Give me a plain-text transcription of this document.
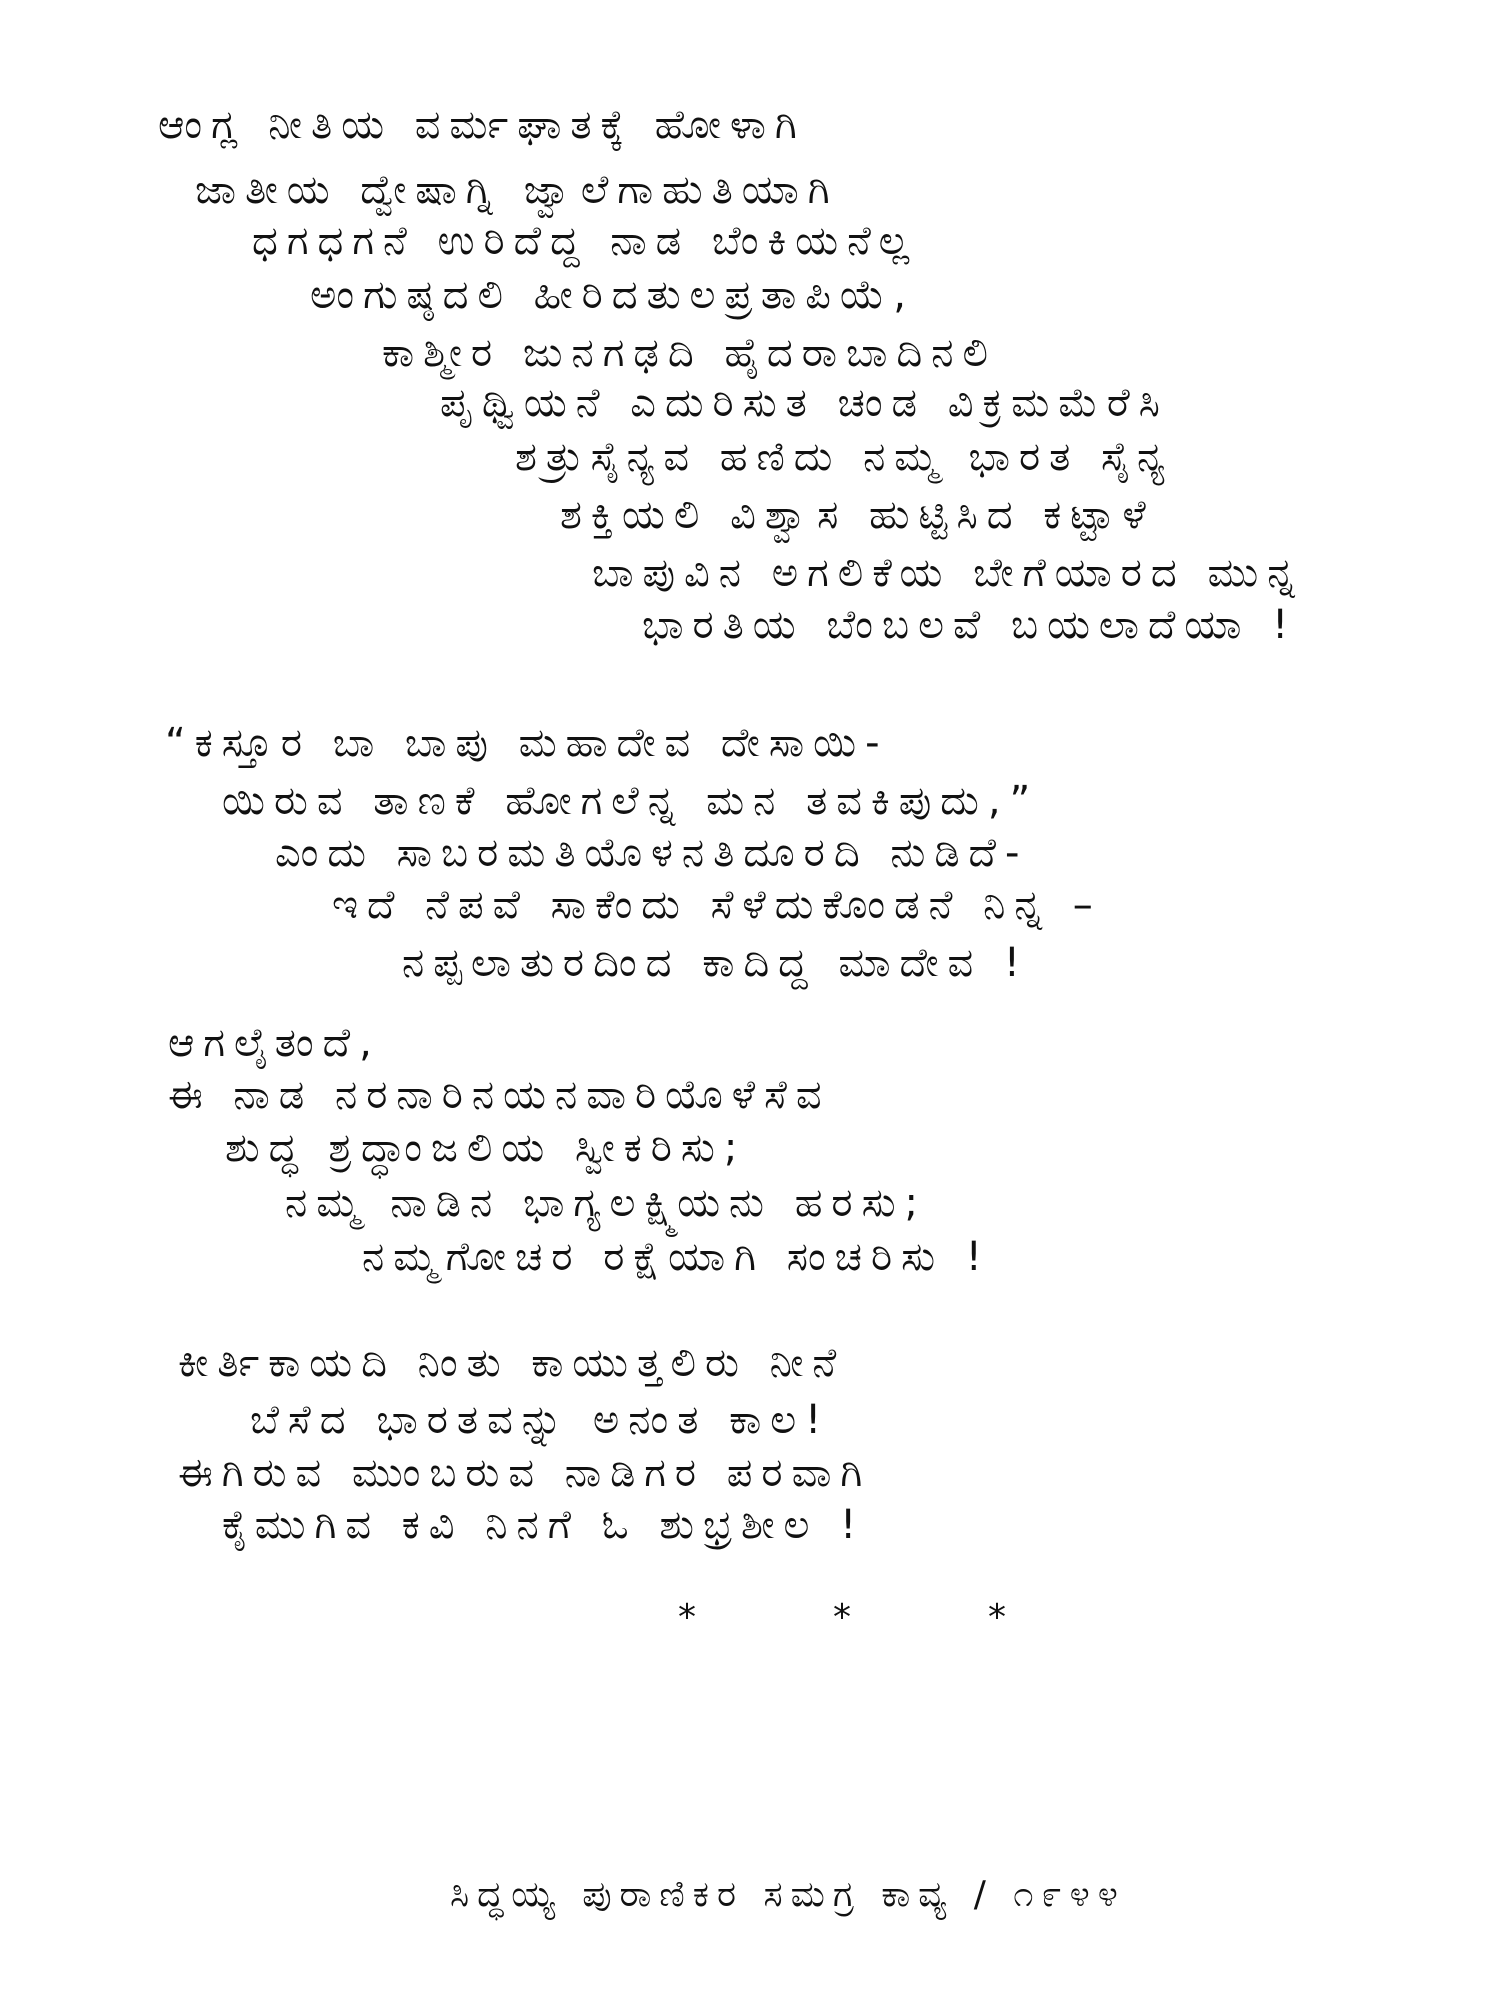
ಆಂಗ್ಲ ನೀತಿಯ ವರ್ಮಘಾತಕ್ಕೆ ಹೋಳಾಗಿ
ಜಾತೀಯ ದ್ವೇಷಾಗ್ನಿ ಜ್ವಾಲೆಗಾಹುತಿಯಾಗಿ
ಧಗಧಗನೆ ಉರಿದೆದ್ದ ನಾಡ ಬೆಂಕಿಯನೆಲ್ಲ
ಅಂಗುಷ್ಠದಲಿ ಹೀರಿದತುಲಪ್ರತಾಪಿಯೆ,
ಕಾಶ್ಮೀರ ಜುನಗಢದಿ ಹೈದರಾಬಾದಿನಲಿ
ಪೃಥ್ವಿಯನೆ ಎದುರಿಸುತ ಚಂಡ ವಿಕ್ರಮಮೆರೆಸಿ
ಶತ್ರುಸೈನ್ಯವ ಹಣಿದು ನಮ್ಮ ಭಾರತ ಸೈನ್ಯ
ಶಕ್ತಿಯಲಿ ವಿಶ್ವಾಸ ಹುಟ್ಟಿಸಿದ ಕಟ್ಟಾಳೆ
ಬಾಪುವಿನ ಅಗಲಿಕೆಯ ಬೇಗೆಯಾರದ ಮುನ್ನ
ಭಾರತಿಯ ಬೆಂಬಲವೆ ಬಯಲಾದೆಯಾ !
“ಕಸ್ತೂರ ಬಾ ಬಾಪು ಮಹಾದೇವ ದೇಸಾಯಿ-
ಯಿರುವ ತಾಣಕೆ ಹೋಗಲೆನ್ನ ಮನ ತವಕಿಪುದು,”
ಎಂದು ಸಾಬರಮತಿಯೊಳನತಿದೂರದಿ ನುಡಿದೆ-
ಇದೆ ನೆಪವೆ ಸಾಕೆಂದು ಸೆಳೆದುಕೊಂಡನೆ ನಿನ್ನ –
ನಪ್ಪಲಾತುರದಿಂದ ಕಾದಿದ್ದ ಮಾದೇವ !
ಆಗಲೈತಂದೆ,
ಈ ನಾಡ ನರನಾರಿನಯನವಾರಿಯೊಳೆಸೆವ
ಶುದ್ಧ ಶ್ರದ್ಧಾಂಜಲಿಯ ಸ್ವೀಕರಿಸು;
ನಮ್ಮ ನಾಡಿನ ಭಾಗ್ಯಲಕ್ಷ್ಮಿಯನು ಹರಸು;
ನಮ್ಮಗೋಚರ ರಕ್ಷೆಯಾಗಿ ಸಂಚರಿಸು !
ಕೀರ್ತಿಕಾಯದಿ ನಿಂತು ಕಾಯುತ್ತಲಿರು ನೀನೆ
ಬೆಸೆದ ಭಾರತವನ್ನು ಅನಂತ ಕಾಲ!
ಈಗಿರುವ ಮುಂಬರುವ ನಾಡಿಗರ ಪರವಾಗಿ
ಕೈಮುಗಿವ ಕವಿ ನಿನಗೆ ಓ ಶುಭ್ರಶೀಲ !
*	*	*
ಸಿದ್ಧಯ್ಯ ಪುರಾಣಿಕರ ಸಮಗ್ರ ಕಾವ್ಯ / ೧೯೪೪
